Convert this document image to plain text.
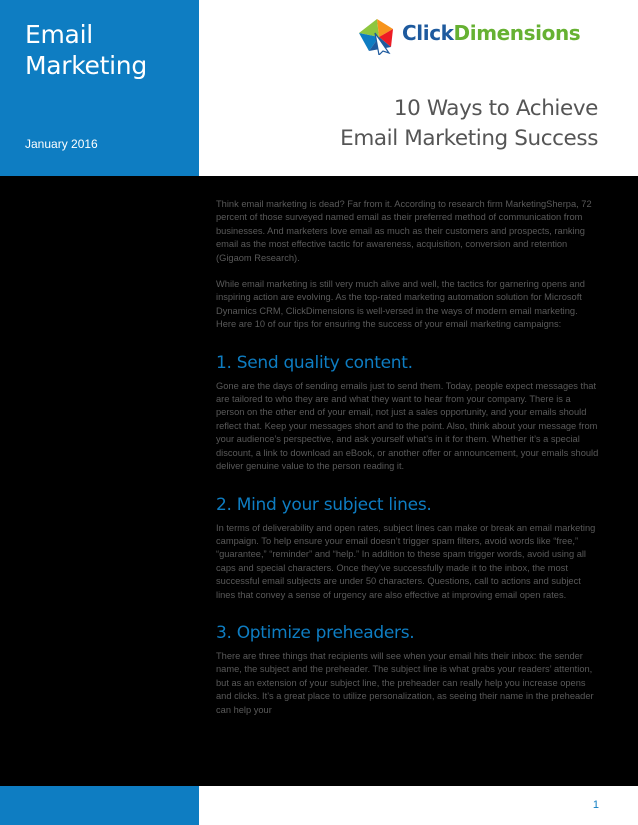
Email
Marketing
January 2016
ClickDimensions
10 Ways to Achieve
Email Marketing Success

Think email marketing is dead? Far from it. According to research firm MarketingSherpa, 72 percent of those surveyed named email as their preferred method of communication from businesses. And marketers love email as much as their customers and prospects, ranking email as the most effective tactic for awareness, acquisition, conversion and retention (Gigaom Research).

While email marketing is still very much alive and well, the tactics for garnering opens and inspiring action are evolving. As the top-rated marketing automation solution for Microsoft Dynamics CRM, ClickDimensions is well-versed in the ways of modern email marketing. Here are 10 of our tips for ensuring the success of your email marketing campaigns:

1. Send quality content.

Gone are the days of sending emails just to send them. Today, people expect messages that are tailored to who they are and what they want to hear from your company. There is a person on the other end of your email, not just a sales opportunity, and your emails should reflect that. Keep your messages short and to the point. Also, think about your message from your audience’s perspective, and ask yourself what’s in it for them. Whether it’s a special discount, a link to download an eBook, or another offer or announcement, your emails should deliver genuine value to the person reading it.

2. Mind your subject lines.

In terms of deliverability and open rates, subject lines can make or break an email marketing campaign. To help ensure your email doesn’t trigger spam filters, avoid words like “free,” “guarantee,” “reminder” and “help.” In addition to these spam trigger words, avoid using all caps and special characters. Once they’ve successfully made it to the inbox, the most successful email subjects are under 50 characters. Questions, call to actions and subject lines that convey a sense of urgency are also effective at improving email open rates.

3. Optimize preheaders.

There are three things that recipients will see when your email hits their inbox: the sender name, the subject and the preheader. The subject line is what grabs your readers’ attention, but as an extension of your subject line, the preheader can really help you increase opens and clicks. It’s a great place to utilize personalization, as seeing their name in the preheader can help your

1
